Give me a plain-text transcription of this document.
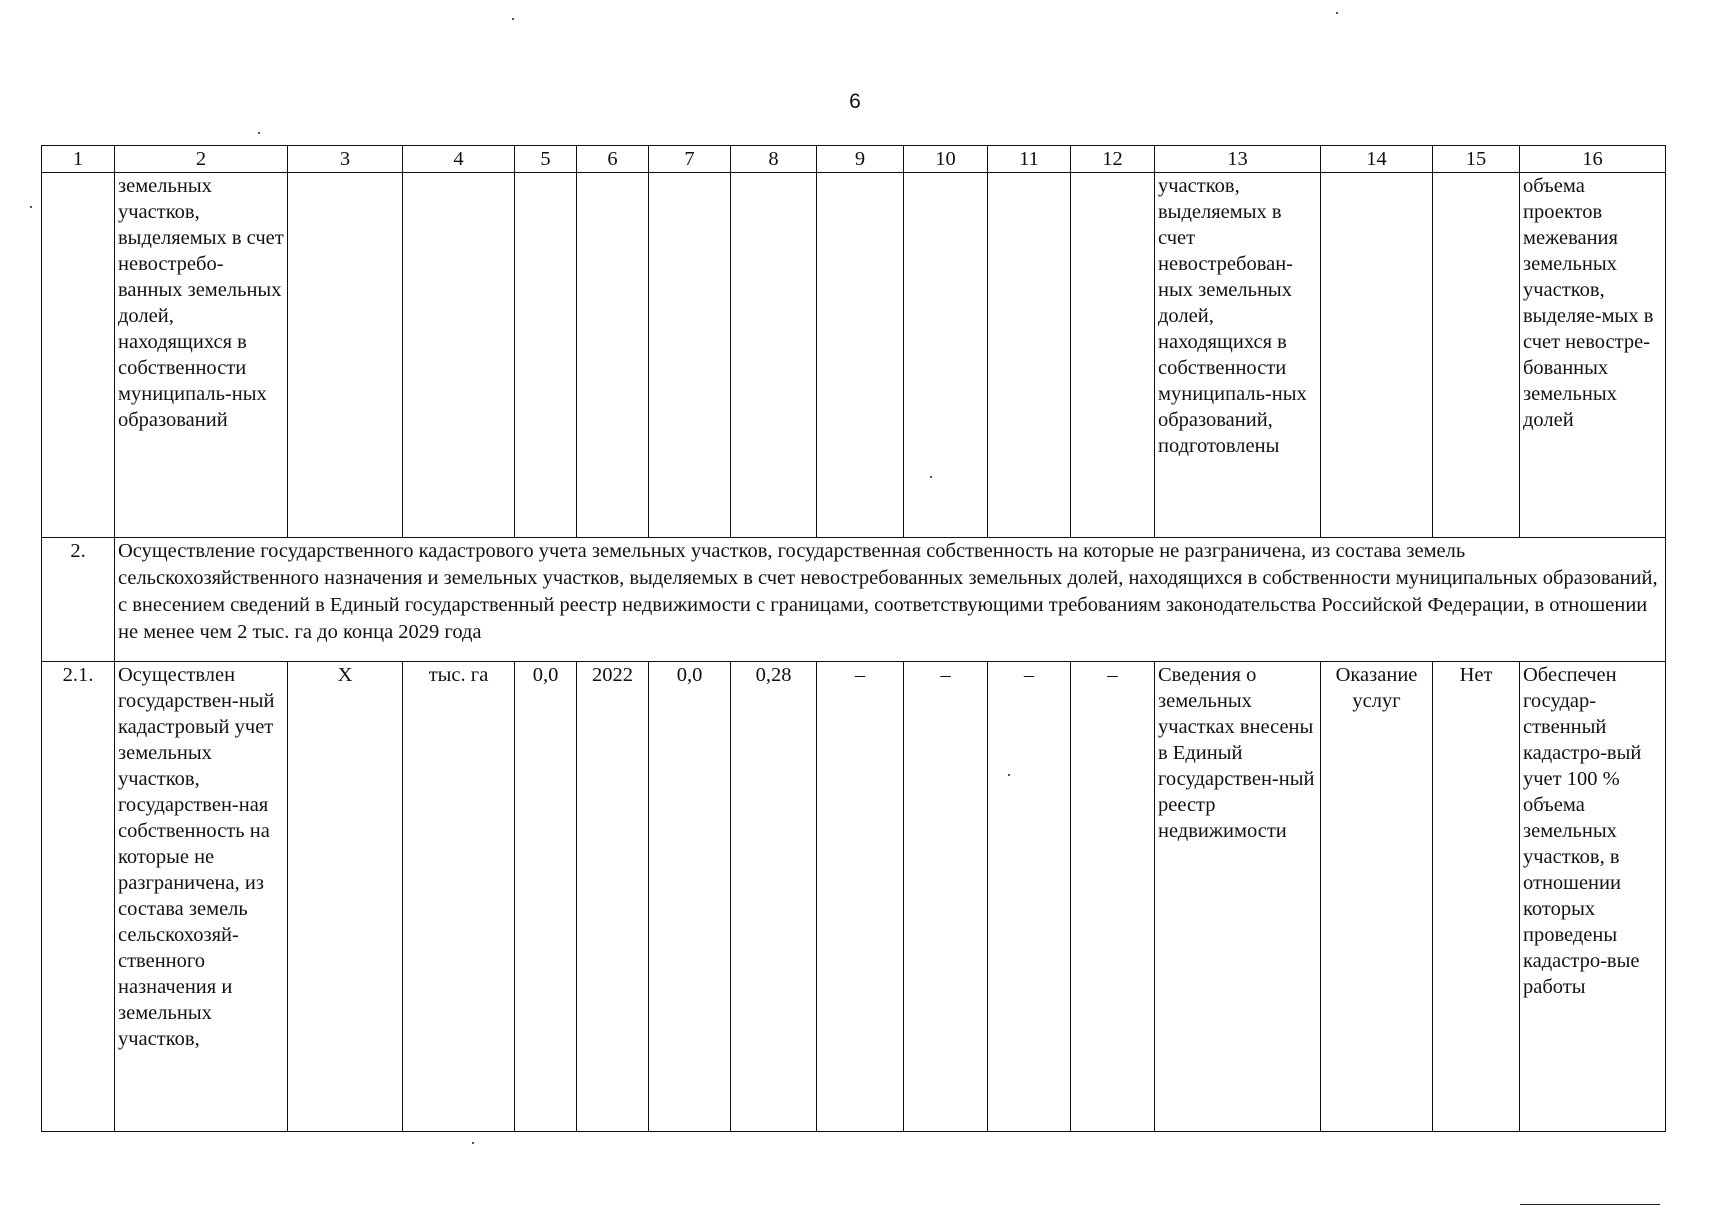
6
1	2	3	4	5	6	7	8	9	10	11	12	13	14	15	16
	земельных участков, выделяемых в счет невостребо-ванных земельных долей, находящихся в собственности муниципаль-ных образований											участков, выделяемых в счет невостребован-ных земельных долей, находящихся в собственности муниципаль-ных образований, подготовлены			объема проектов межевания земельных участков, выделяе-мых в счет невостре-бованных земельных долей
2.	Осуществление государственного кадастрового учета земельных участков, государственная собственность на которые не разграничена, из состава земель сельскохозяйственного назначения и земельных участков, выделяемых в счет невостребованных земельных долей, находящихся в собственности муниципальных образований, с внесением сведений в Единый государственный реестр недвижимости с границами, соответствующими требованиям законодательства Российской Федерации, в отношении не менее чем 2 тыс. га до конца 2029 года														
2.1.	Осуществлен государствен-ный кадастровый учет земельных участков, государствен-ная собственность на которые не разграничена, из состава земель сельскохозяй-ственного назначения и земельных участков,	Х	тыс. га	0,0	2022	0,0	0,28	–	–	–	–	Сведения о земельных участках внесены в Единый государствен-ный реестр недвижимости	Оказание услуг	Нет	Обеспечен государ-ственный кадастро-вый учет 100 % объема земельных участков, в отношении которых проведены кадастро-вые работы
